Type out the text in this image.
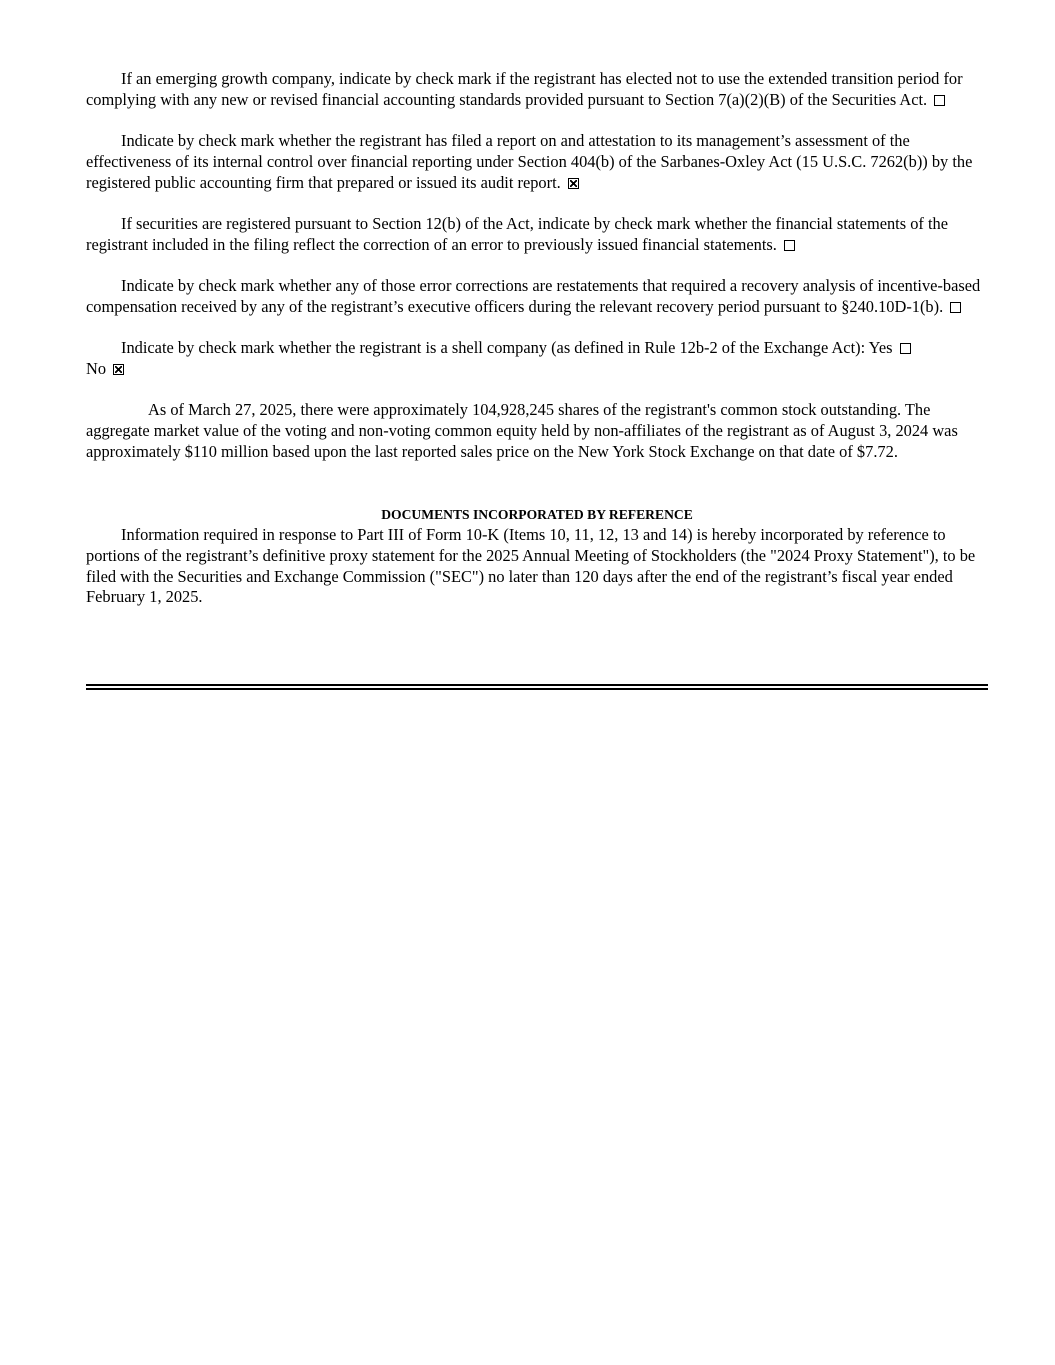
If an emerging growth company, indicate by check mark if the registrant has elected not to use the extended transition period for complying with any new or revised financial accounting standards provided pursuant to Section 7(a)(2)(B) of the Securities Act.

Indicate by check mark whether the registrant has filed a report on and attestation to its management’s assessment of the effectiveness of its internal control over financial reporting under Section 404(b) of the Sarbanes-Oxley Act (15 U.S.C. 7262(b)) by the registered public accounting firm that prepared or issued its audit report.

If securities are registered pursuant to Section 12(b) of the Act, indicate by check mark whether the financial statements of the registrant included in the filing reflect the correction of an error to previously issued financial statements.

Indicate by check mark whether any of those error corrections are restatements that required a recovery analysis of incentive-based compensation received by any of the registrant’s executive officers during the relevant recovery period pursuant to §240.10D-1(b).

Indicate by check mark whether the registrant is a shell company (as defined in Rule 12b-2 of the Exchange Act): Yes
No

As of March 27, 2025, there were approximately 104,928,245 shares of the registrant's common stock outstanding. The aggregate market value of the voting and non-voting common equity held by non-affiliates of the registrant as of August 3, 2024 was approximately $110 million based upon the last reported sales price on the New York Stock Exchange on that date of $7.72.

DOCUMENTS INCORPORATED BY REFERENCE

Information required in response to Part III of Form 10-K (Items 10, 11, 12, 13 and 14) is hereby incorporated by reference to portions of the registrant’s definitive proxy statement for the 2025 Annual Meeting of Stockholders (the "2024 Proxy Statement"), to be filed with the Securities and Exchange Commission ("SEC") no later than 120 days after the end of the registrant’s fiscal year ended February 1, 2025.
